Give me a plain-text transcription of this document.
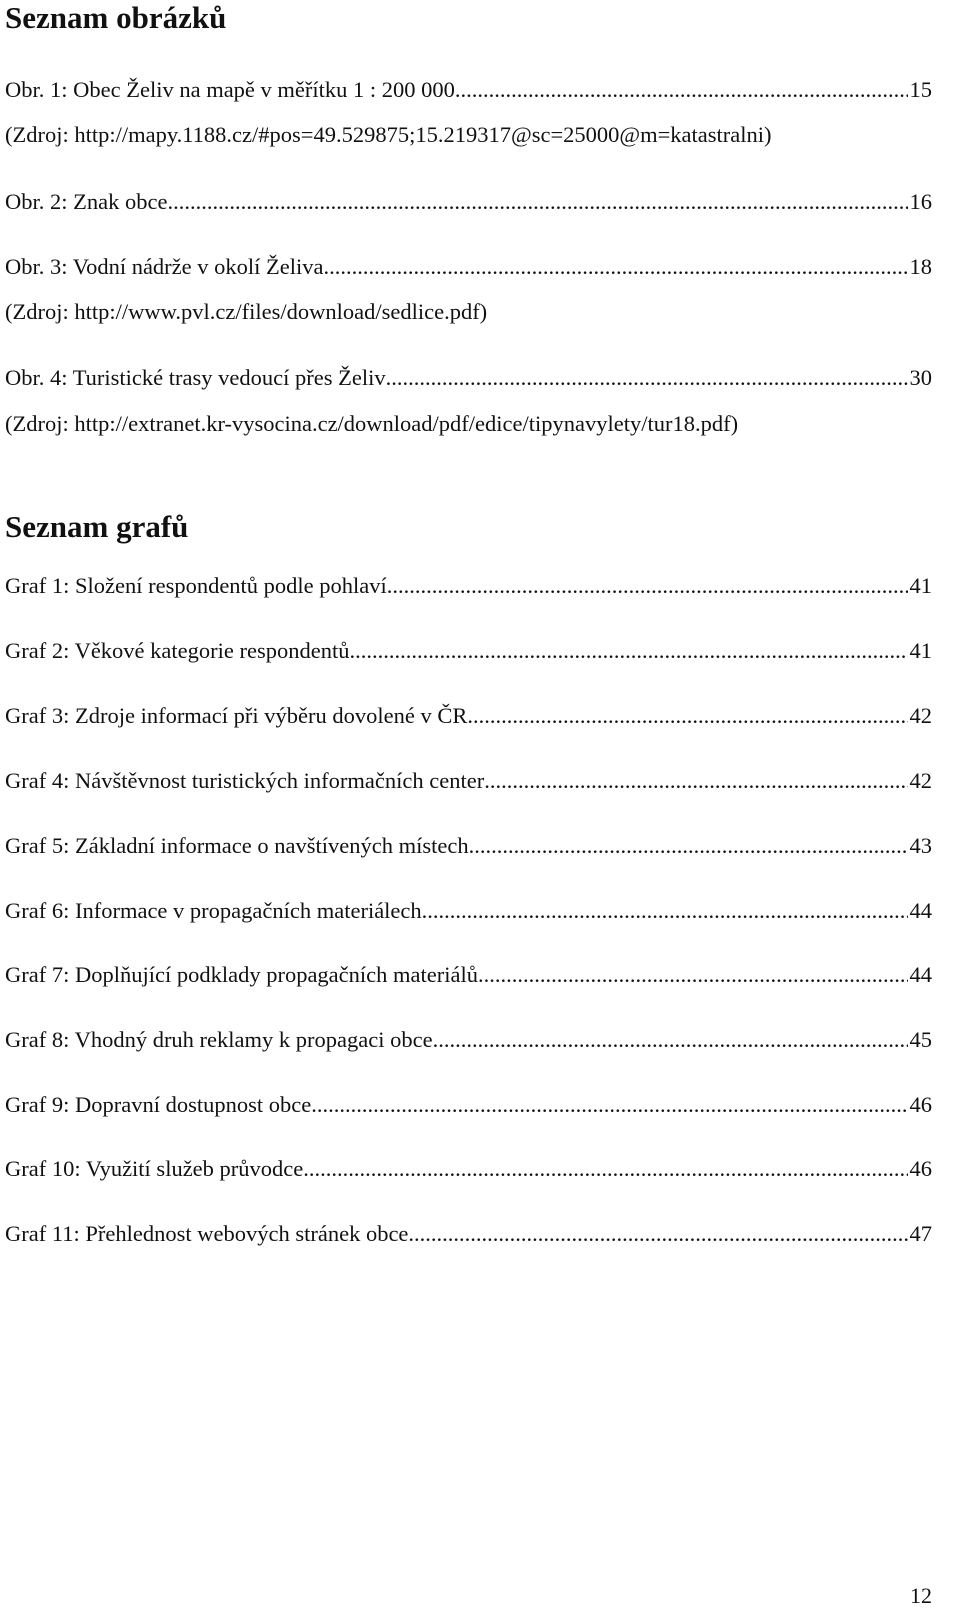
Seznam obrázků
Obr. 1: Obec Želiv na mapě v měřítku 1 : 200 000 .....	15
(Zdroj: http://mapy.1188.cz/#pos=49.529875;15.219317@sc=25000@m=katastralni)
Obr. 2: Znak obce .....	16
Obr. 3: Vodní nádrže v okolí Želiva .....	18
(Zdroj: http://www.pvl.cz/files/download/sedlice.pdf)
Obr. 4: Turistické trasy vedoucí přes Želiv .....	30
(Zdroj: http://extranet.kr-vysocina.cz/download/pdf/edice/tipynavylety/tur18.pdf)
Seznam grafů
Graf 1: Složení respondentů podle pohlaví .....	41
Graf 2: Věkové kategorie respondentů .....	41
Graf 3: Zdroje informací při výběru dovolené v ČR .....	42
Graf 4: Návštěvnost turistických informačních center .....	42
Graf 5: Základní informace o navštívených místech .....	43
Graf 6: Informace v propagačních materiálech .....	44
Graf 7: Doplňující podklady propagačních materiálů .....	44
Graf 8: Vhodný druh reklamy k propagaci obce .....	45
Graf 9: Dopravní dostupnost obce .....	46
Graf 10: Využití služeb průvodce .....	46
Graf 11: Přehlednost webových stránek obce .....	47
12
